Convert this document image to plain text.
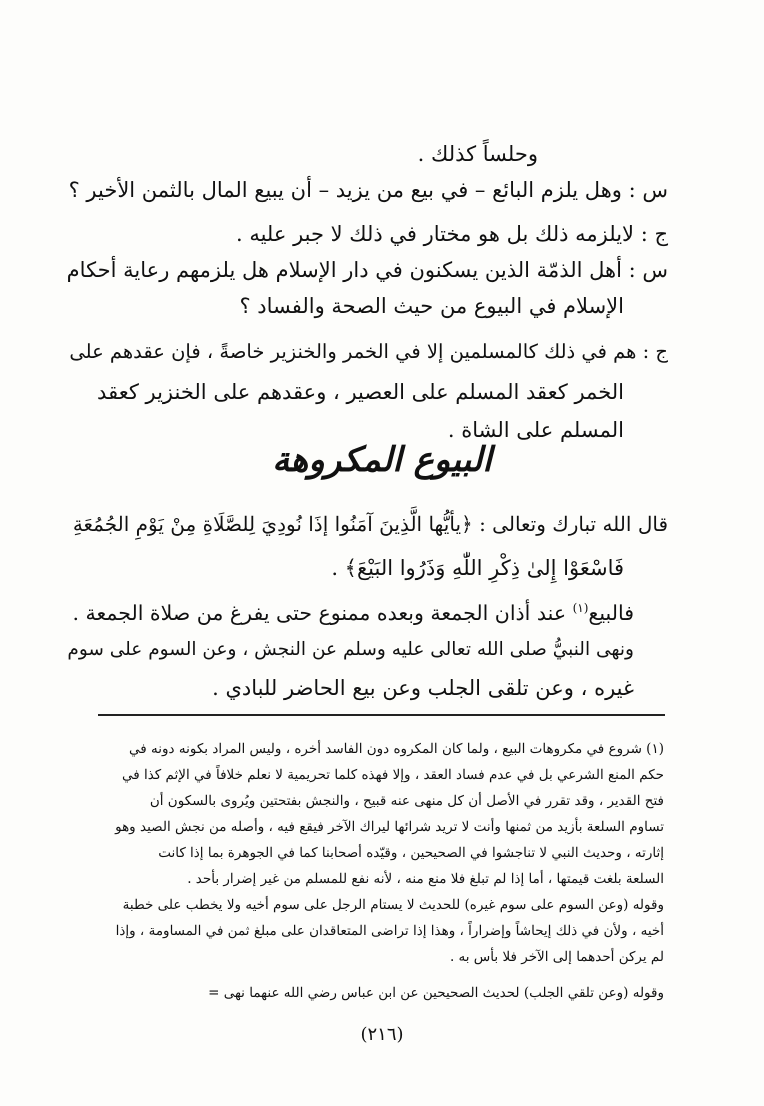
وحلساً كذلك .
س : وهل يلزم البائع – في بيع من يزيد – أن يبيع المال بالثمن الأخير ؟
ج : لايلزمه ذلك بل هو مختار في ذلك لا جبر عليه .
س : أهل الذمّة الذين يسكنون في دار الإسلام هل يلزمهم رعاية أحكام
الإسلام في البيوع من حيث الصحة والفساد ؟
ج : هم في ذلك كالمسلمين إلا في الخمر والخنزير خاصةً ، فإن عقدهم على
الخمر كعقد المسلم على العصير ، وعقدهم على الخنزير كعقد
المسلم على الشاة .
البيوع المكروهة
قال الله تبارك وتعالى : ﴿يأيُّها الَّذِينَ آمَنُوا إذَا نُودِيَ لِلصَّلَاةِ مِنْ يَوْمِ الجُمُعَةِ
فَاسْعَوْا إِلىٰ ذِكْرِ اللّٰهِ وَذَرُوا البَيْعَ﴾ .
فالبيع$^{(١)}$ عند أذان الجمعة وبعده ممنوع حتى يفرغ من صلاة الجمعة .
ونهى النبيُّ صلى الله تعالى عليه وسلم عن النجش ، وعن السوم على سوم
غيره ، وعن تلقى الجلب وعن بيع الحاضر للبادي .
(١) شروع في مكروهات البيع ، ولما كان المكروه دون الفاسد أخره ، وليس المراد بكونه دونه في
حكم المنع الشرعي بل في عدم فساد العقد ، وإلا فهذه كلما تحريمية لا نعلم خلافاً في الإثم كذا في
فتح القدير ، وقد تقرر في الأصل أن كل منهى عنه قبيح ، والنجش بفتحتين ويُروى بالسكون أن
تساوم السلعة بأزيد من ثمنها وأنت لا تريد شرائها ليراك الآخر فيقع فيه ، وأصله من نجش الصيد وهو
إثارته ، وحديث النبي لا تناجشوا في الصحيحين ، وقيّده أصحابنا كما في الجوهرة بما إذا كانت
السلعة بلغت قيمتها ، أما إذا لم تبلغ فلا منع منه ، لأنه نفع للمسلم من غير إضرار بأحد .
وقوله (وعن السوم على سوم غيره) للحديث لا يستام الرجل على سوم أخيه ولا يخطب على خطبة
أخيه ، ولأن في ذلك إيحاشاً وإضراراً ، وهذا إذا تراضى المتعاقدان على مبلغ ثمن في المساومة ، وإذا
لم يركن أحدهما إلى الآخر فلا بأس به .
وقوله (وعن تلقي الجلب) لحديث الصحيحين عن ابن عباس رضي الله عنهما نهى =
(٢١٦)
